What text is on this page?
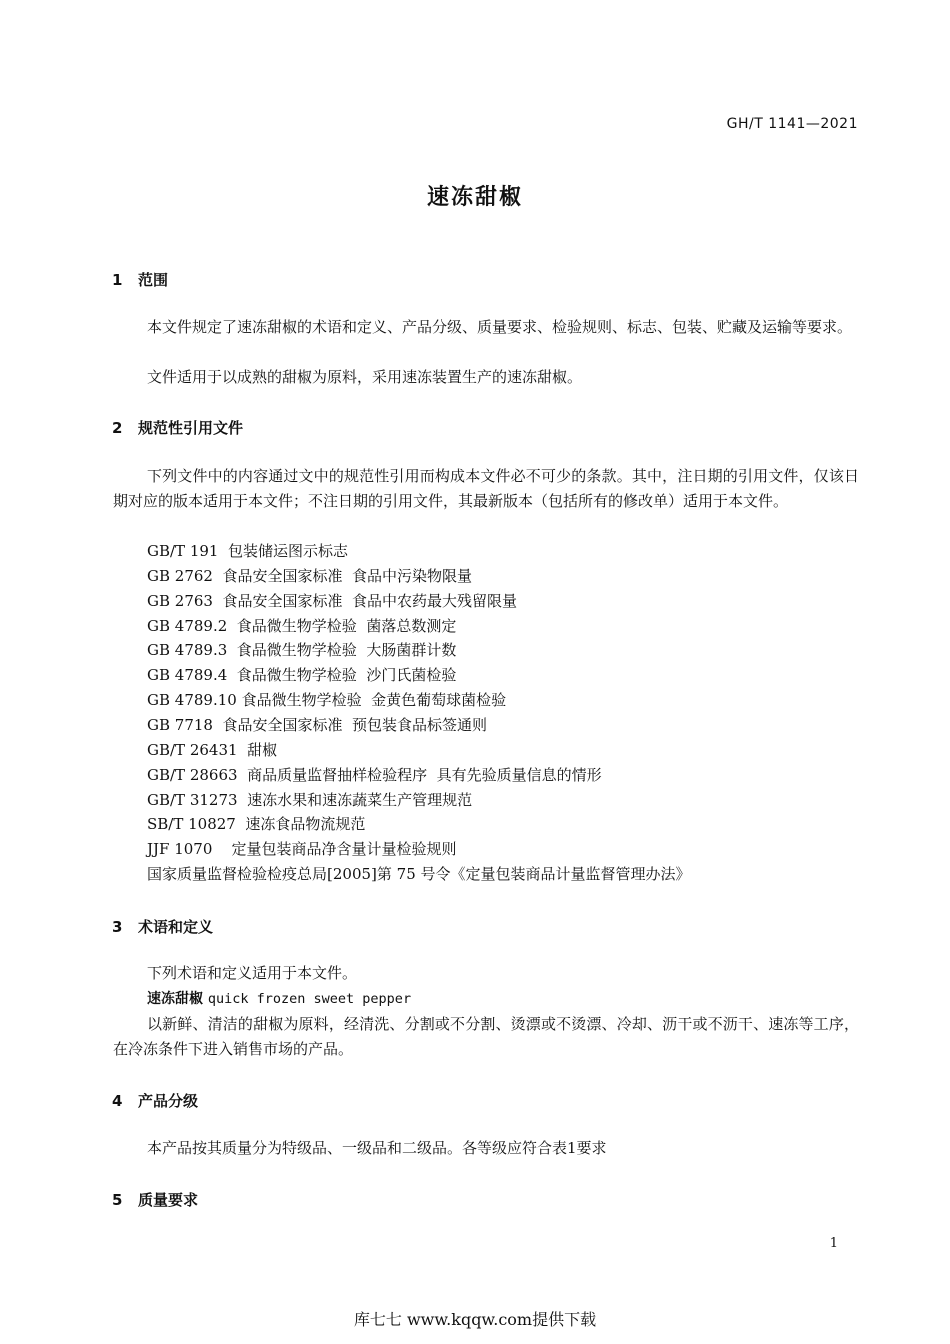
GH/T 1141—2021
速冻甜椒
1 范围
本文件规定了速冻甜椒的术语和定义、产品分级、质量要求、检验规则、标志、包装、贮藏及运输等要求。
文件适用于以成熟的甜椒为原料，采用速冻装置生产的速冻甜椒。
2 规范性引用文件
下列文件中的内容通过文中的规范性引用而构成本文件必不可少的条款。其中，注日期的引用文件，仅该日期对应的版本适用于本文件；不注日期的引用文件，其最新版本（包括所有的修改单）适用于本文件。
GB/T 191  包装储运图示标志
GB 2762  食品安全国家标准  食品中污染物限量
GB 2763  食品安全国家标准  食品中农药最大残留限量
GB 4789.2  食品微生物学检验  菌落总数测定
GB 4789.3  食品微生物学检验  大肠菌群计数
GB 4789.4  食品微生物学检验  沙门氏菌检验
GB 4789.10 食品微生物学检验  金黄色葡萄球菌检验
GB 7718  食品安全国家标准  预包装食品标签通则
GB/T 26431  甜椒
GB/T 28663  商品质量监督抽样检验程序  具有先验质量信息的情形
GB/T 31273  速冻水果和速冻蔬菜生产管理规范
SB/T 10827  速冻食品物流规范
JJF 1070    定量包装商品净含量计量检验规则
国家质量监督检验检疫总局[2005]第 75 号令《定量包装商品计量监督管理办法》
3 术语和定义
下列术语和定义适用于本文件。
速冻甜椒 quick frozen sweet pepper
以新鲜、清洁的甜椒为原料，经清洗、分割或不分割、烫漂或不烫漂、冷却、沥干或不沥干、速冻等工序，在冷冻条件下进入销售市场的产品。
4 产品分级
本产品按其质量分为特级品、一级品和二级品。各等级应符合表1要求
5 质量要求
1
库七七 www.kqqw.com提供下载
